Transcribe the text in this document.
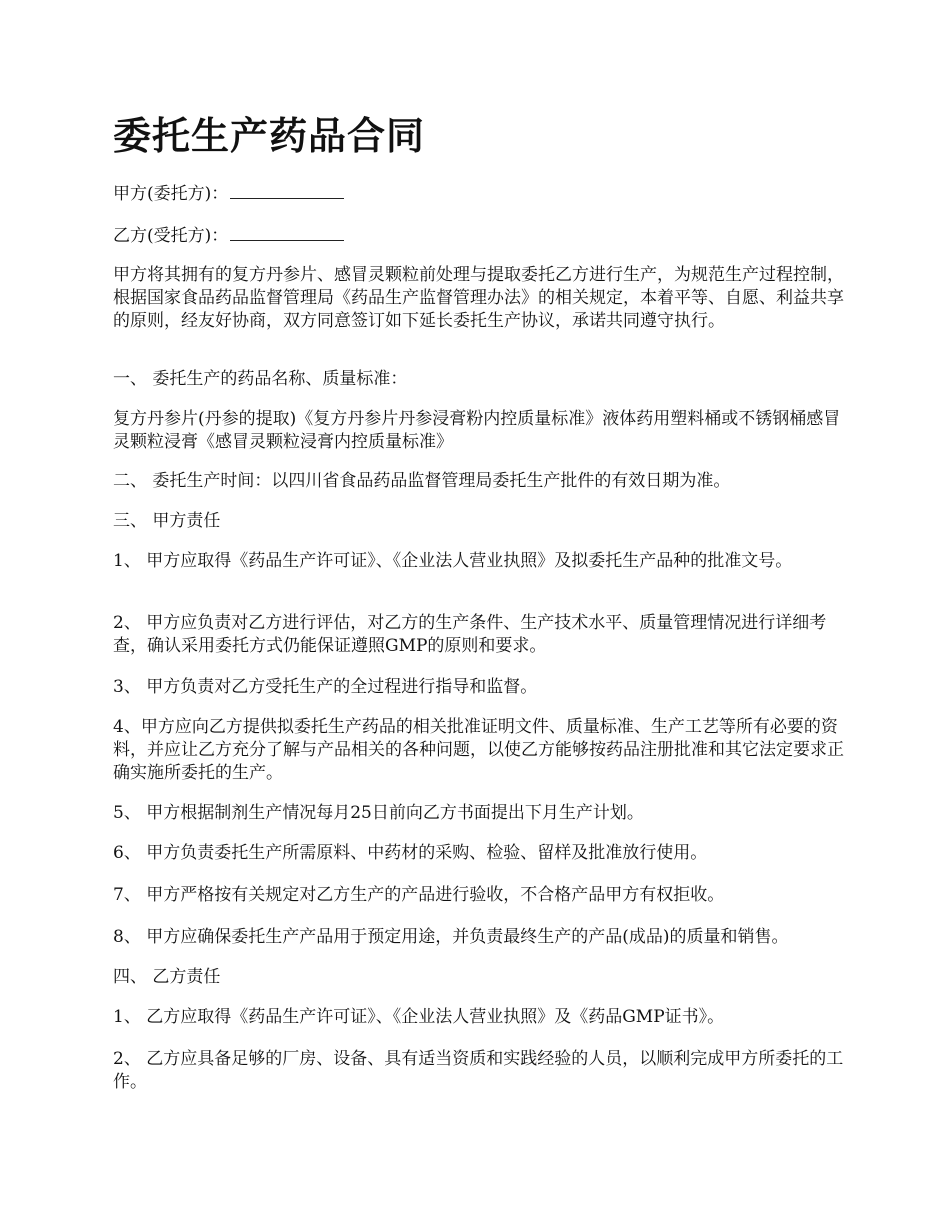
委托生产药品合同

甲方(委托方)：

乙方(受托方)：

甲方将其拥有的复方丹参片、感冒灵颗粒前处理与提取委托乙方进行生产，为规范生产过程控制，根据国家食品药品监督管理局《药品生产监督管理办法》的相关规定，本着平等、自愿、利益共享的原则，经友好协商，双方同意签订如下延长委托生产协议，承诺共同遵守执行。

一、 委托生产的药品名称、质量标准：

复方丹参片(丹参的提取)《复方丹参片丹参浸膏粉内控质量标准》液体药用塑料桶或不锈钢桶感冒灵颗粒浸膏《感冒灵颗粒浸膏内控质量标准》

二、 委托生产时间：以四川省食品药品监督管理局委托生产批件的有效日期为准。

三、 甲方责任

1、 甲方应取得《药品生产许可证》、《企业法人营业执照》及拟委托生产品种的批准文号。

2、 甲方应负责对乙方进行评估，对乙方的生产条件、生产技术水平、质量管理情况进行详细考查，确认采用委托方式仍能保证遵照GMP的原则和要求。

3、 甲方负责对乙方受托生产的全过程进行指导和监督。

4、甲方应向乙方提供拟委托生产药品的相关批准证明文件、质量标准、生产工艺等所有必要的资料，并应让乙方充分了解与产品相关的各种问题，以使乙方能够按药品注册批准和其它法定要求正确实施所委托的生产。

5、 甲方根据制剂生产情况每月25日前向乙方书面提出下月生产计划。

6、 甲方负责委托生产所需原料、中药材的采购、检验、留样及批准放行使用。

7、 甲方严格按有关规定对乙方生产的产品进行验收，不合格产品甲方有权拒收。

8、 甲方应确保委托生产产品用于预定用途，并负责最终生产的产品(成品)的质量和销售。

四、 乙方责任

1、 乙方应取得《药品生产许可证》、《企业法人营业执照》及《药品GMP证书》。

2、 乙方应具备足够的厂房、设备、具有适当资质和实践经验的人员，以顺利完成甲方所委托的工作。
